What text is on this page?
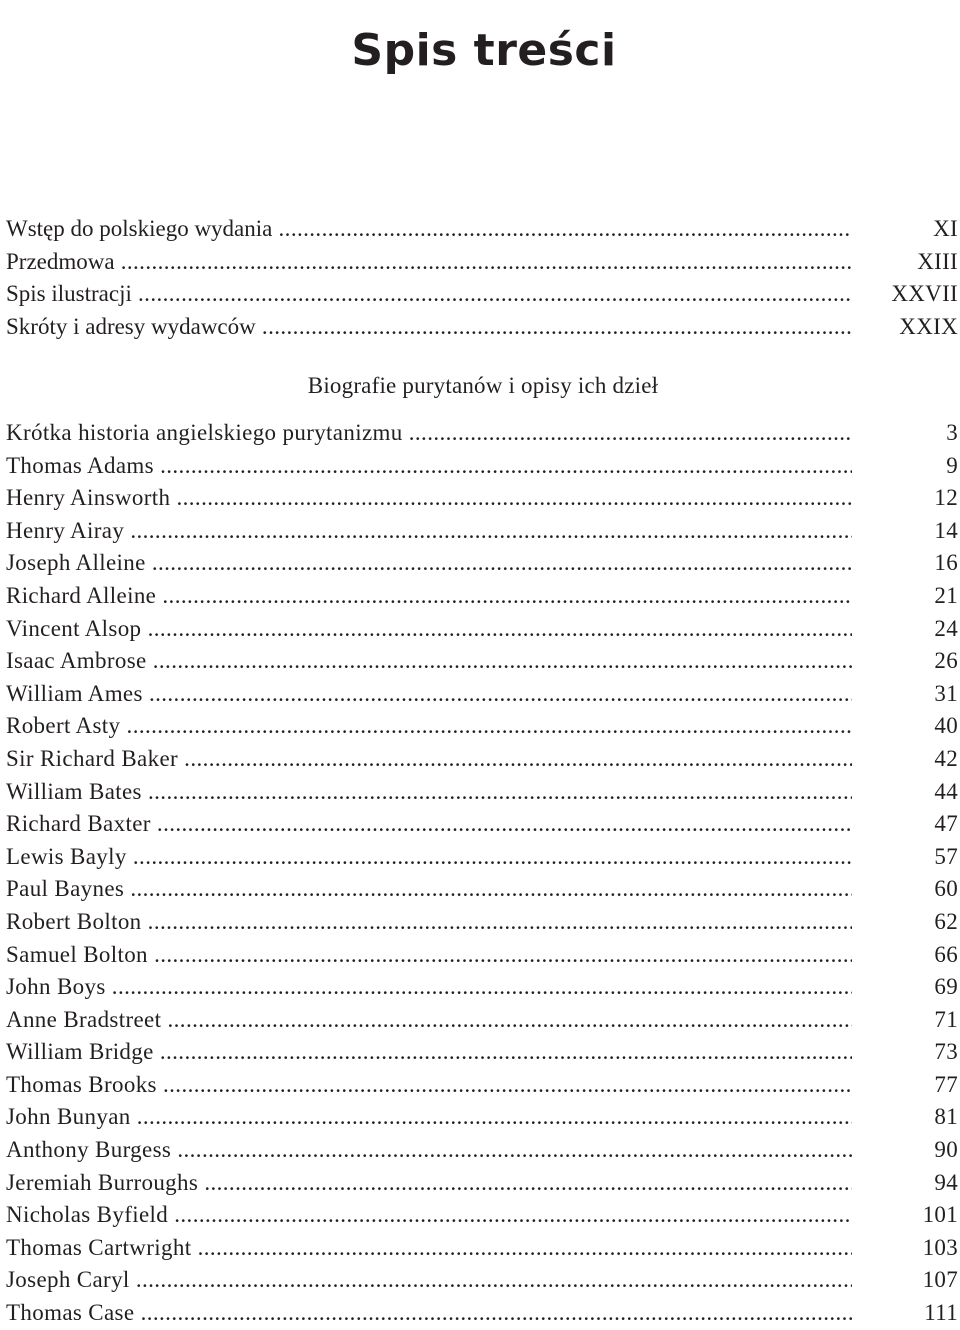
Spis treści
Wstęp do polskiego wydania .....	XI
Przedmowa .....	XIII
Spis ilustracji .....	XXVII
Skróty i adresy wydawców .....	XXIX
Biografie purytanów i opisy ich dzieł
Krótka historia angielskiego purytanizmu .....	3
Thomas Adams .....	9
Henry Ainsworth .....	12
Henry Airay .....	14
Joseph Alleine .....	16
Richard Alleine .....	21
Vincent Alsop .....	24
Isaac Ambrose .....	26
William Ames .....	31
Robert Asty .....	40
Sir Richard Baker .....	42
William Bates .....	44
Richard Baxter .....	47
Lewis Bayly .....	57
Paul Baynes .....	60
Robert Bolton .....	62
Samuel Bolton .....	66
John Boys .....	69
Anne Bradstreet .....	71
William Bridge .....	73
Thomas Brooks .....	77
John Bunyan .....	81
Anthony Burgess .....	90
Jeremiah Burroughs .....	94
Nicholas Byfield .....	101
Thomas Cartwright .....	103
Joseph Caryl .....	107
Thomas Case .....	111
